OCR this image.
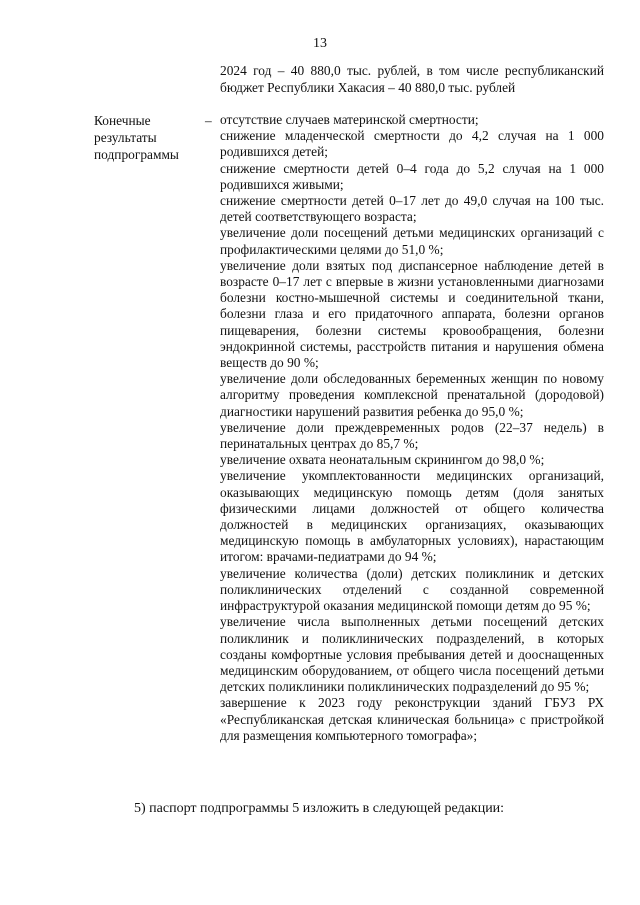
13

2024 год – 40 880,0 тыс. рублей, в том числе республиканский бюджет Республики Хакасия – 40 880,0 тыс. рублей

Конечные
результаты
подпрограммы
– отсутствие случаев материнской смертности;
снижение младенческой смертности до 4,2 случая на 1 000 родившихся детей;
снижение смертности детей 0–4 года до 5,2 случая на 1 000 родившихся живыми;
снижение смертности детей 0–17 лет до 49,0 случая на 100 тыс. детей соответствующего возраста;
увеличение доли посещений детьми медицинских организаций с профилактическими целями до 51,0 %;
увеличение доли взятых под диспансерное наблюдение детей в возрасте 0–17 лет с впервые в жизни установленными диагнозами болезни костно-мышечной системы и соединительной ткани, болезни глаза и его придаточного аппарата, болезни органов пищеварения, болезни системы кровообращения, болезни эндокринной системы, расстройств питания и нарушения обмена веществ до 90 %;
увеличение доли обследованных беременных женщин по новому алгоритму проведения комплексной пренатальной (дородовой) диагностики нарушений развития ребенка до 95,0 %;
увеличение доли преждевременных родов (22–37 недель) в перинатальных центрах до 85,7 %;
увеличение охвата неонатальным скринингом до 98,0 %;
увеличение укомплектованности медицинских организаций, оказывающих медицинскую помощь детям (доля занятых физическими лицами должностей от общего количества должностей в медицинских организациях, оказывающих медицинскую помощь в амбулаторных условиях), нарастающим итогом: врачами-педиатрами до 94 %;
увеличение количества (доли) детских поликлиник и детских поликлинических отделений с созданной современной инфраструктурой оказания медицинской помощи детям до 95 %;
увеличение числа выполненных детьми посещений детских поликлиник и поликлинических подразделений, в которых созданы комфортные условия пребывания детей и дооснащенных медицинским оборудованием, от общего числа посещений детьми детских поликлиники поликлинических подразделений до 95 %;
завершение к 2023 году реконструкции зданий ГБУЗ РХ «Республиканская детская клиническая больница» с пристройкой для размещения компьютерного томографа»;

5) паспорт подпрограммы 5 изложить в следующей редакции:
